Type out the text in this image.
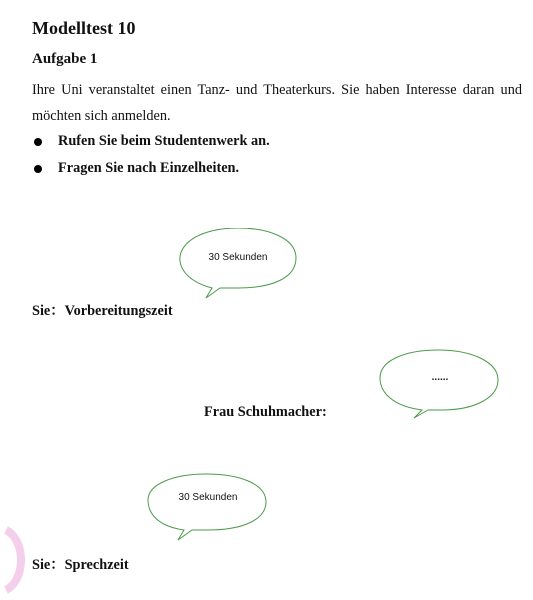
Modelltest 10
Aufgabe 1
Ihre Uni veranstaltet einen Tanz- und Theaterkurs. Sie haben Interesse daran und möchten sich anmelden.
Rufen Sie beim Studentenwerk an.
Fragen Sie nach Einzelheiten.
30 Sekunden
Sie：Vorbereitungszeit
......
Frau Schuhmacher:
30 Sekunden
Sie：Sprechzeit
